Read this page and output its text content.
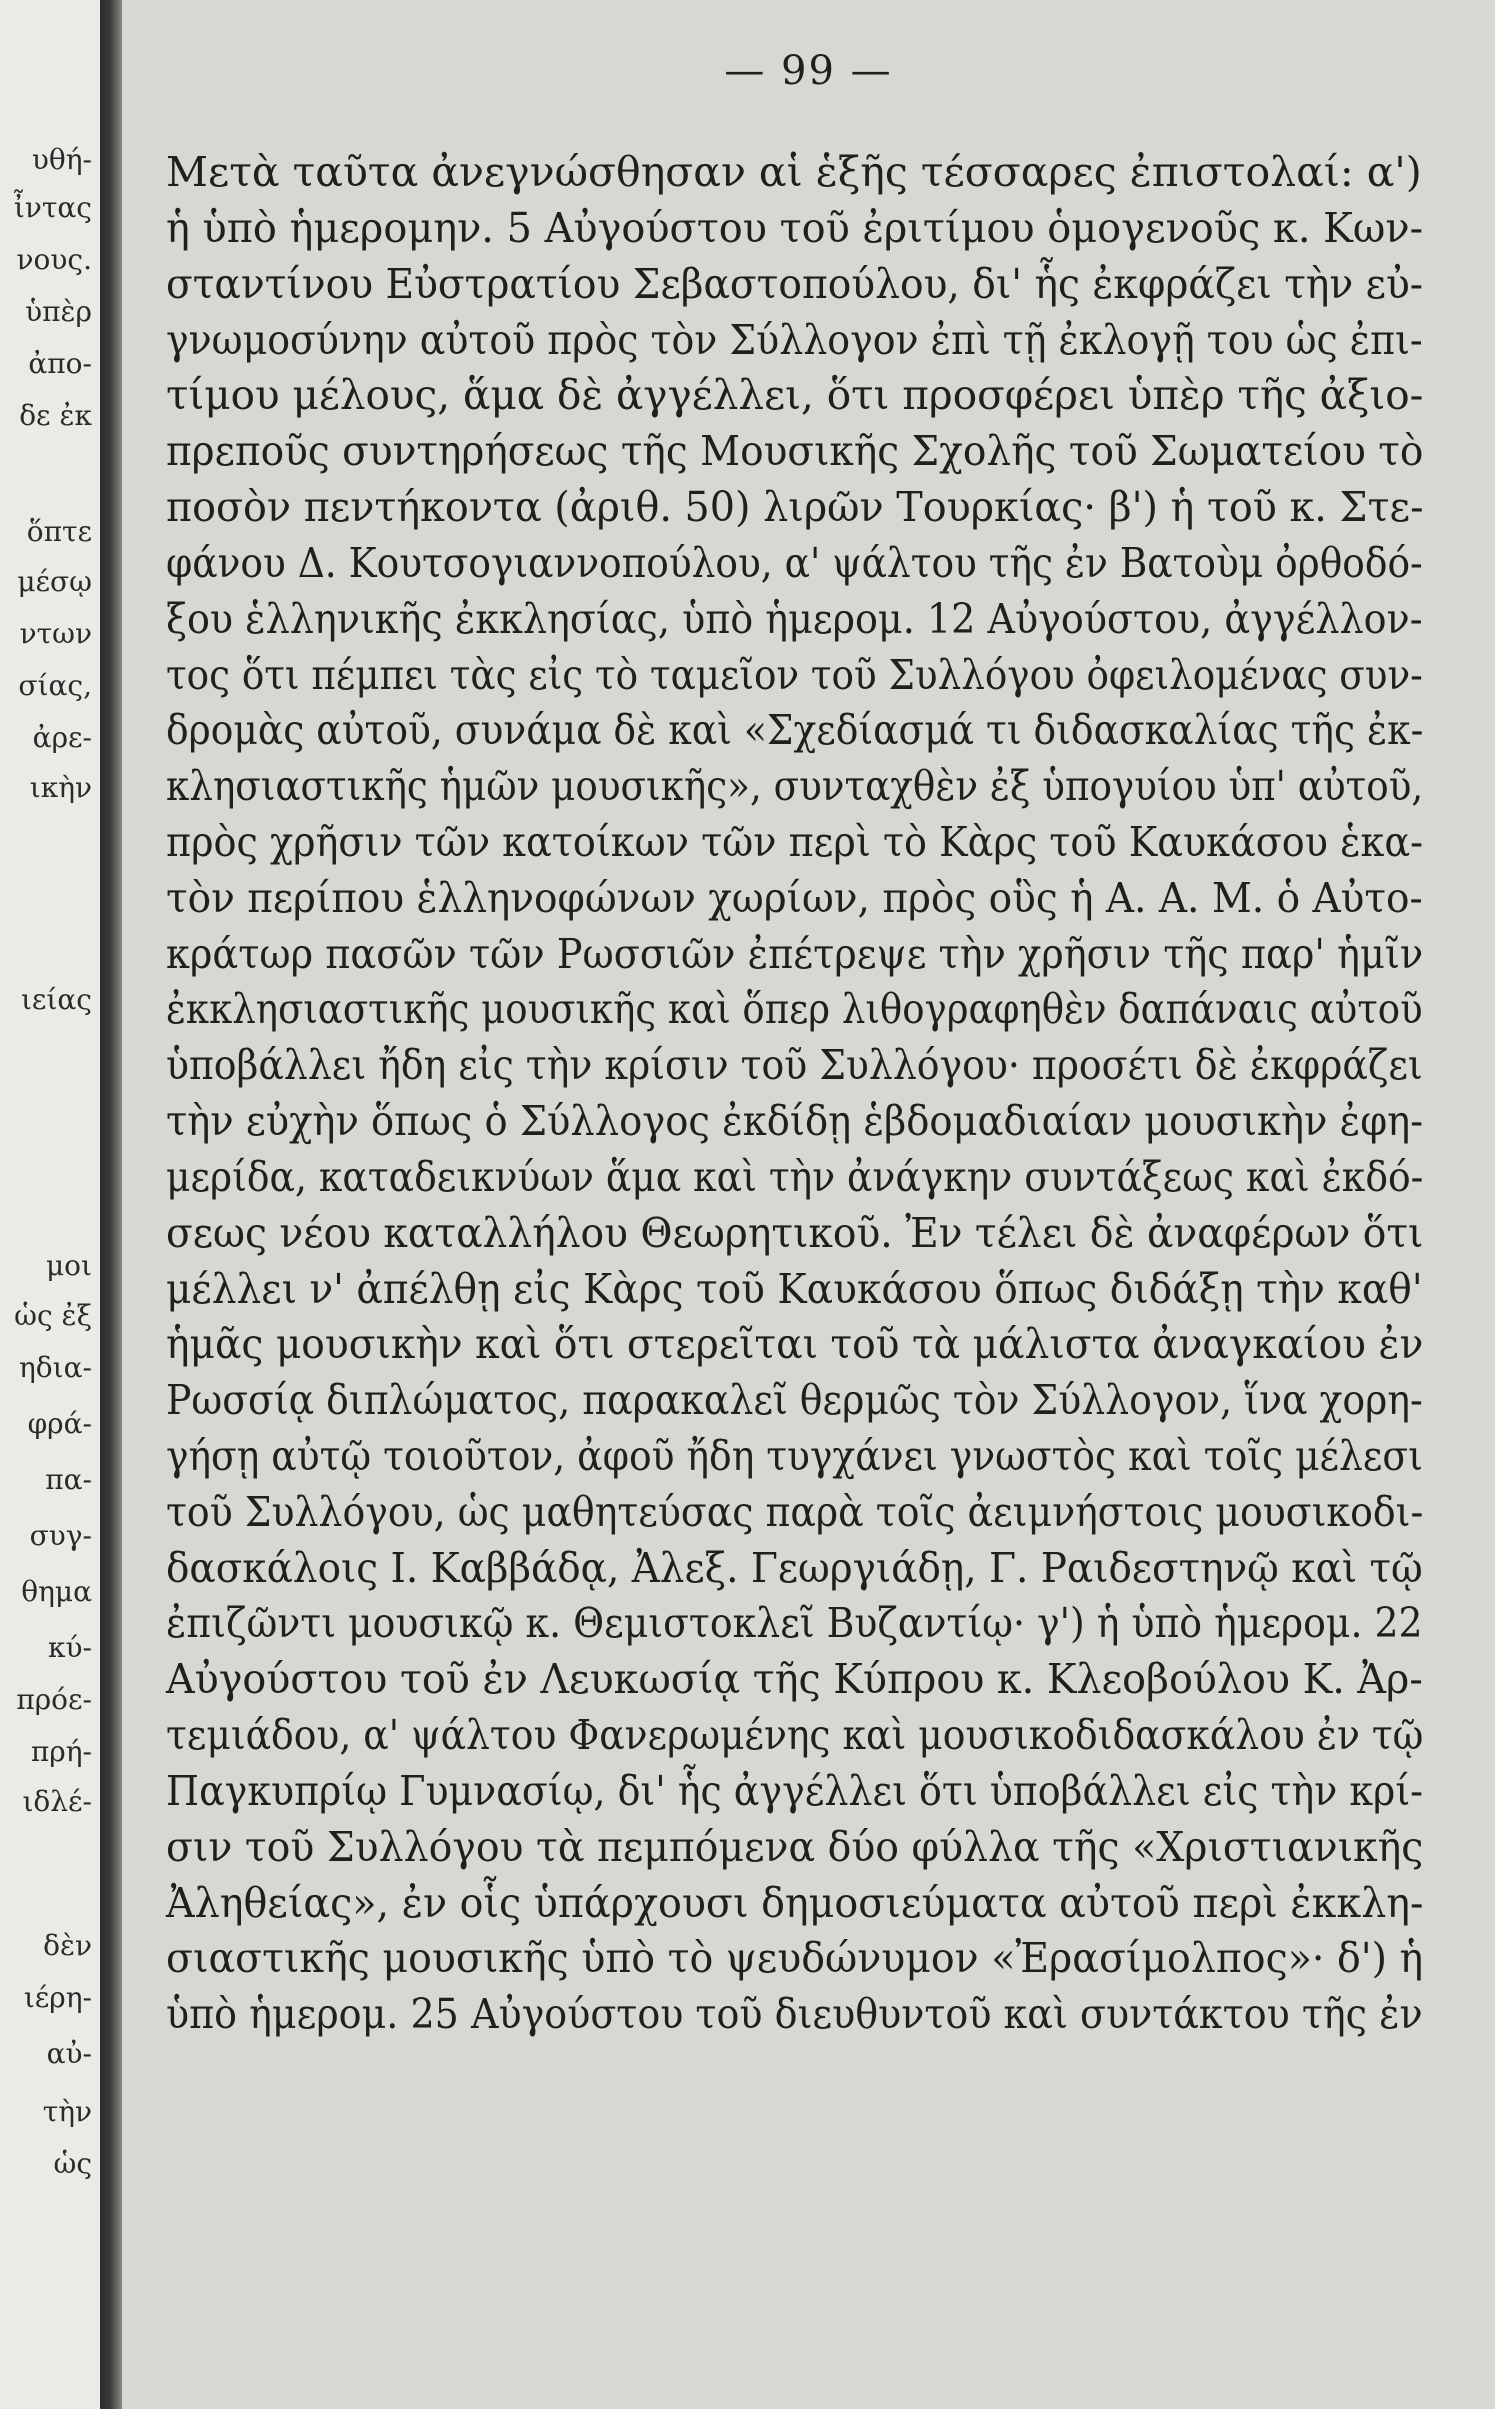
υθή-
ἶντας
νους.
ὑπὲρ
ἀπο-
δε ἐκ
ὅπτε
μέσῳ
ντων
σίας,
ἀρε-
ικὴν
ιείας
μοι
ὡς ἐξ
ηδια-
φρά-
πα-
συγ-
θημα
κύ-
πρόε-
πρή-
ιδλέ-
δὲν
ιέρη-
αὐ-
τὴν
ὡς
— 99 —
Μετὰ ταῦτα ἀνεγνώσθησαν αἱ ἑξῆς τέσσαρες ἐπιστολαί: α')
ἡ ὑπὸ ἡμερομην. 5 Αὐγούστου τοῦ ἐριτίμου ὁμογενοῦς κ. Κων-
σταντίνου Εὐστρατίου Σεβαστοπούλου, δι' ἧς ἐκφράζει τὴν εὐ-
γνωμοσύνην αὐτοῦ πρὸς τὸν Σύλλογον ἐπὶ τῇ ἐκλογῇ του ὡς ἐπι-
τίμου μέλους, ἅμα δὲ ἀγγέλλει, ὅτι προσφέρει ὑπὲρ τῆς ἀξιο-
πρεποῦς συντηρήσεως τῆς Μουσικῆς Σχολῆς τοῦ Σωματείου τὸ
ποσὸν πεντήκοντα (ἀριθ. 50) λιρῶν Τουρκίας· β') ἡ τοῦ κ. Στε-
φάνου Δ. Κουτσογιαννοπούλου, α' ψάλτου τῆς ἐν Βατοὺμ ὀρθοδό-
ξου ἑλληνικῆς ἐκκλησίας, ὑπὸ ἡμερομ. 12 Αὐγούστου, ἀγγέλλον-
τος ὅτι πέμπει τὰς εἰς τὸ ταμεῖον τοῦ Συλλόγου ὀφειλομένας συν-
δρομὰς αὐτοῦ, συνάμα δὲ καὶ «Σχεδίασμά τι διδασκαλίας τῆς ἐκ-
κλησιαστικῆς ἡμῶν μουσικῆς», συνταχθὲν ἐξ ὑπογυίου ὑπ' αὐτοῦ,
πρὸς χρῆσιν τῶν κατοίκων τῶν περὶ τὸ Κὰρς τοῦ Καυκάσου ἑκα-
τὸν περίπου ἑλληνοφώνων χωρίων, πρὸς οὓς ἡ Α. Α. Μ. ὁ Αὐτο-
κράτωρ πασῶν τῶν Ρωσσιῶν ἐπέτρεψε τὴν χρῆσιν τῆς παρ' ἡμῖν
ἐκκλησιαστικῆς μουσικῆς καὶ ὅπερ λιθογραφηθὲν δαπάναις αὐτοῦ
ὑποβάλλει ἤδη εἰς τὴν κρίσιν τοῦ Συλλόγου· προσέτι δὲ ἐκφράζει
τὴν εὐχὴν ὅπως ὁ Σύλλογος ἐκδίδῃ ἑβδομαδιαίαν μουσικὴν ἐφη-
μερίδα, καταδεικνύων ἅμα καὶ τὴν ἀνάγκην συντάξεως καὶ ἐκδό-
σεως νέου καταλλήλου Θεωρητικοῦ. Ἐν τέλει δὲ ἀναφέρων ὅτι
μέλλει ν' ἀπέλθῃ εἰς Κὰρς τοῦ Καυκάσου ὅπως διδάξῃ τὴν καθ'
ἡμᾶς μουσικὴν καὶ ὅτι στερεῖται τοῦ τὰ μάλιστα ἀναγκαίου ἐν
Ρωσσίᾳ διπλώματος, παρακαλεῖ θερμῶς τὸν Σύλλογον, ἵνα χορη-
γήσῃ αὐτῷ τοιοῦτον, ἀφοῦ ἤδη τυγχάνει γνωστὸς καὶ τοῖς μέλεσι
τοῦ Συλλόγου, ὡς μαθητεύσας παρὰ τοῖς ἀειμνήστοις μουσικοδι-
δασκάλοις Ι. Καββάδᾳ, Ἀλεξ. Γεωργιάδῃ, Γ. Ραιδεστηνῷ καὶ τῷ
ἐπιζῶντι μουσικῷ κ. Θεμιστοκλεῖ Βυζαντίῳ· γ') ἡ ὑπὸ ἡμερομ. 22
Αὐγούστου τοῦ ἐν Λευκωσίᾳ τῆς Κύπρου κ. Κλεοβούλου Κ. Ἀρ-
τεμιάδου, α' ψάλτου Φανερωμένης καὶ μουσικοδιδασκάλου ἐν τῷ
Παγκυπρίῳ Γυμνασίῳ, δι' ἧς ἀγγέλλει ὅτι ὑποβάλλει εἰς τὴν κρί-
σιν τοῦ Συλλόγου τὰ πεμπόμενα δύο φύλλα τῆς «Χριστιανικῆς
Ἀληθείας», ἐν οἷς ὑπάρχουσι δημοσιεύματα αὐτοῦ περὶ ἐκκλη-
σιαστικῆς μουσικῆς ὑπὸ τὸ ψευδώνυμον «Ἐρασίμολπος»· δ') ἡ
ὑπὸ ἡμερομ. 25 Αὐγούστου τοῦ διευθυντοῦ καὶ συντάκτου τῆς ἐν
